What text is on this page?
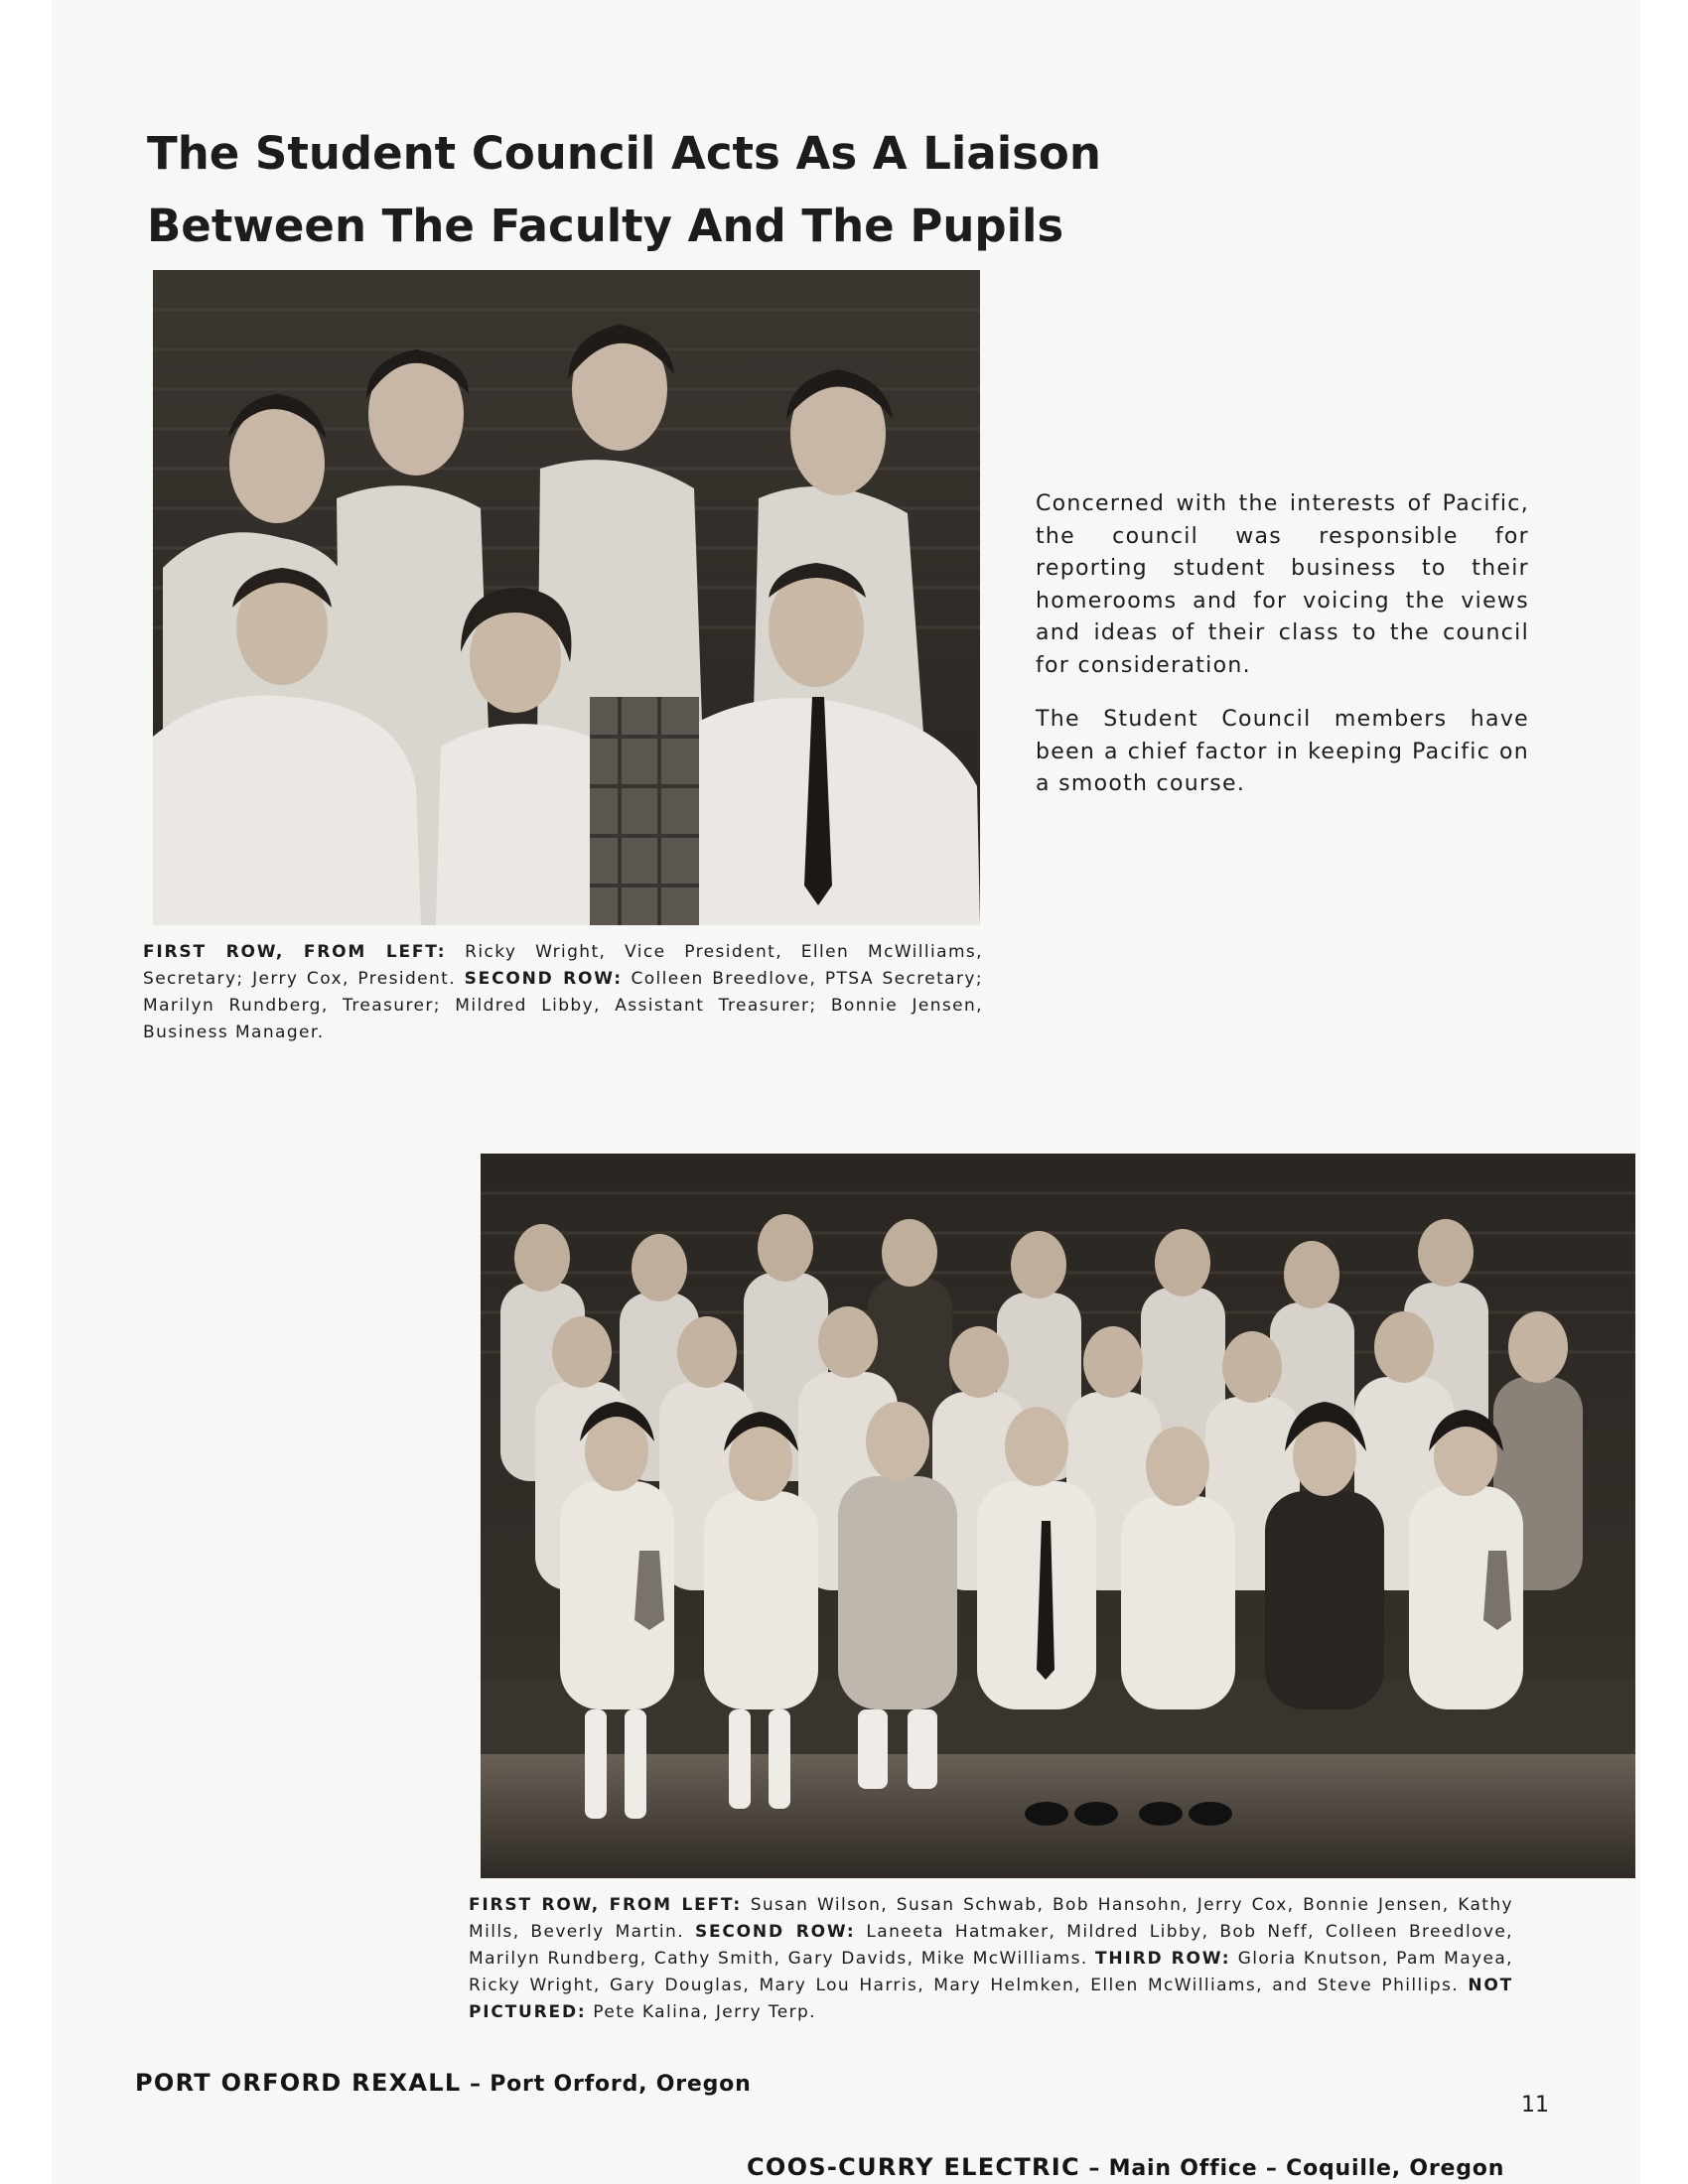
The Student Council Acts As A Liaison
Between The Faculty And The Pupils

FIRST ROW, FROM LEFT: Ricky Wright, Vice President, Ellen McWilliams, Secretary; Jerry Cox, President. SECOND ROW: Colleen Breedlove, PTSA Secretary; Marilyn Rundberg, Treasurer; Mildred Libby, Assistant Treasurer; Bonnie Jensen, Business Manager.

Concerned with the interests of Pacific, the council was responsible for reporting student business to their homerooms and for voicing the views and ideas of their class to the council for consideration.

The Student Council members have been a chief factor in keeping Pacific on a smooth course.

FIRST ROW, FROM LEFT: Susan Wilson, Susan Schwab, Bob Hansohn, Jerry Cox, Bonnie Jensen, Kathy Mills, Beverly Martin. SECOND ROW: Laneeta Hatmaker, Mildred Libby, Bob Neff, Colleen Breedlove, Marilyn Rundberg, Cathy Smith, Gary Davids, Mike McWilliams. THIRD ROW: Gloria Knutson, Pam Mayea, Ricky Wright, Gary Douglas, Mary Lou Harris, Mary Helmken, Ellen McWilliams, and Steve Phillips. NOT PICTURED: Pete Kalina, Jerry Terp.

PORT ORFORD REXALL – Port Orford, Oregon

11

COOS-CURRY ELECTRIC – Main Office – Coquille, Oregon
